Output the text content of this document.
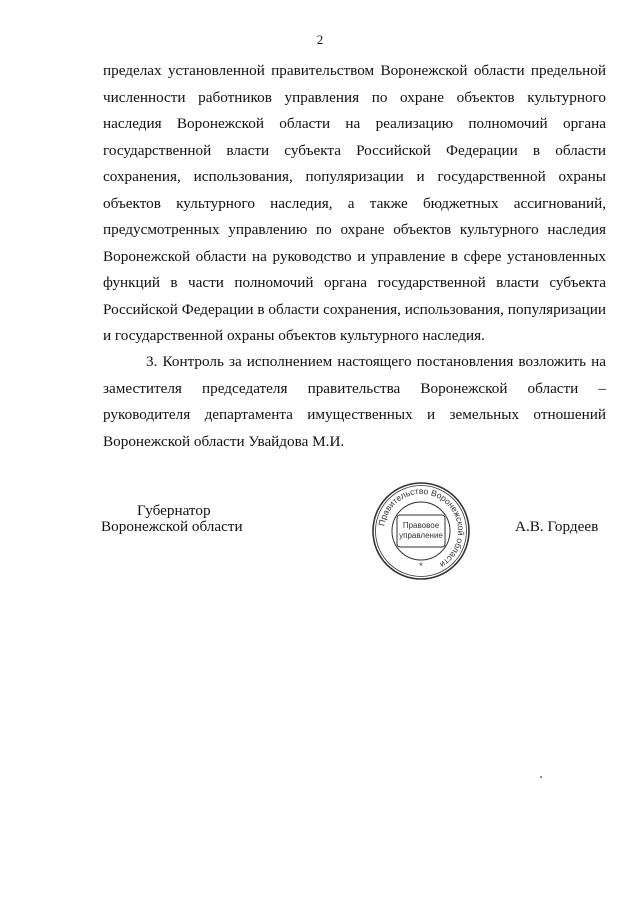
2
пределах установленной правительством Воронежской области предельной
численности работников управления по охране объектов культурного
наследия Воронежской области на реализацию полномочий органа
государственной власти субъекта Российской Федерации в области
сохранения, использования, популяризации и государственной охраны
объектов культурного наследия, а также бюджетных ассигнований,
предусмотренных управлению по охране объектов культурного наследия
Воронежской области на руководство и управление в сфере установленных
функций в части полномочий органа государственной власти субъекта
Российской Федерации в области сохранения, использования, популяризации
и государственной охраны объектов культурного наследия.
3. Контроль за исполнением настоящего постановления возложить на
заместителя председателя правительства Воронежской области –
руководителя департамента имущественных и земельных отношений
Воронежской области Увайдова М.И.
Губернатор
Воронежской области	Правительство Воронежской области
Правовое
управление
*
А.В. Гордеев
